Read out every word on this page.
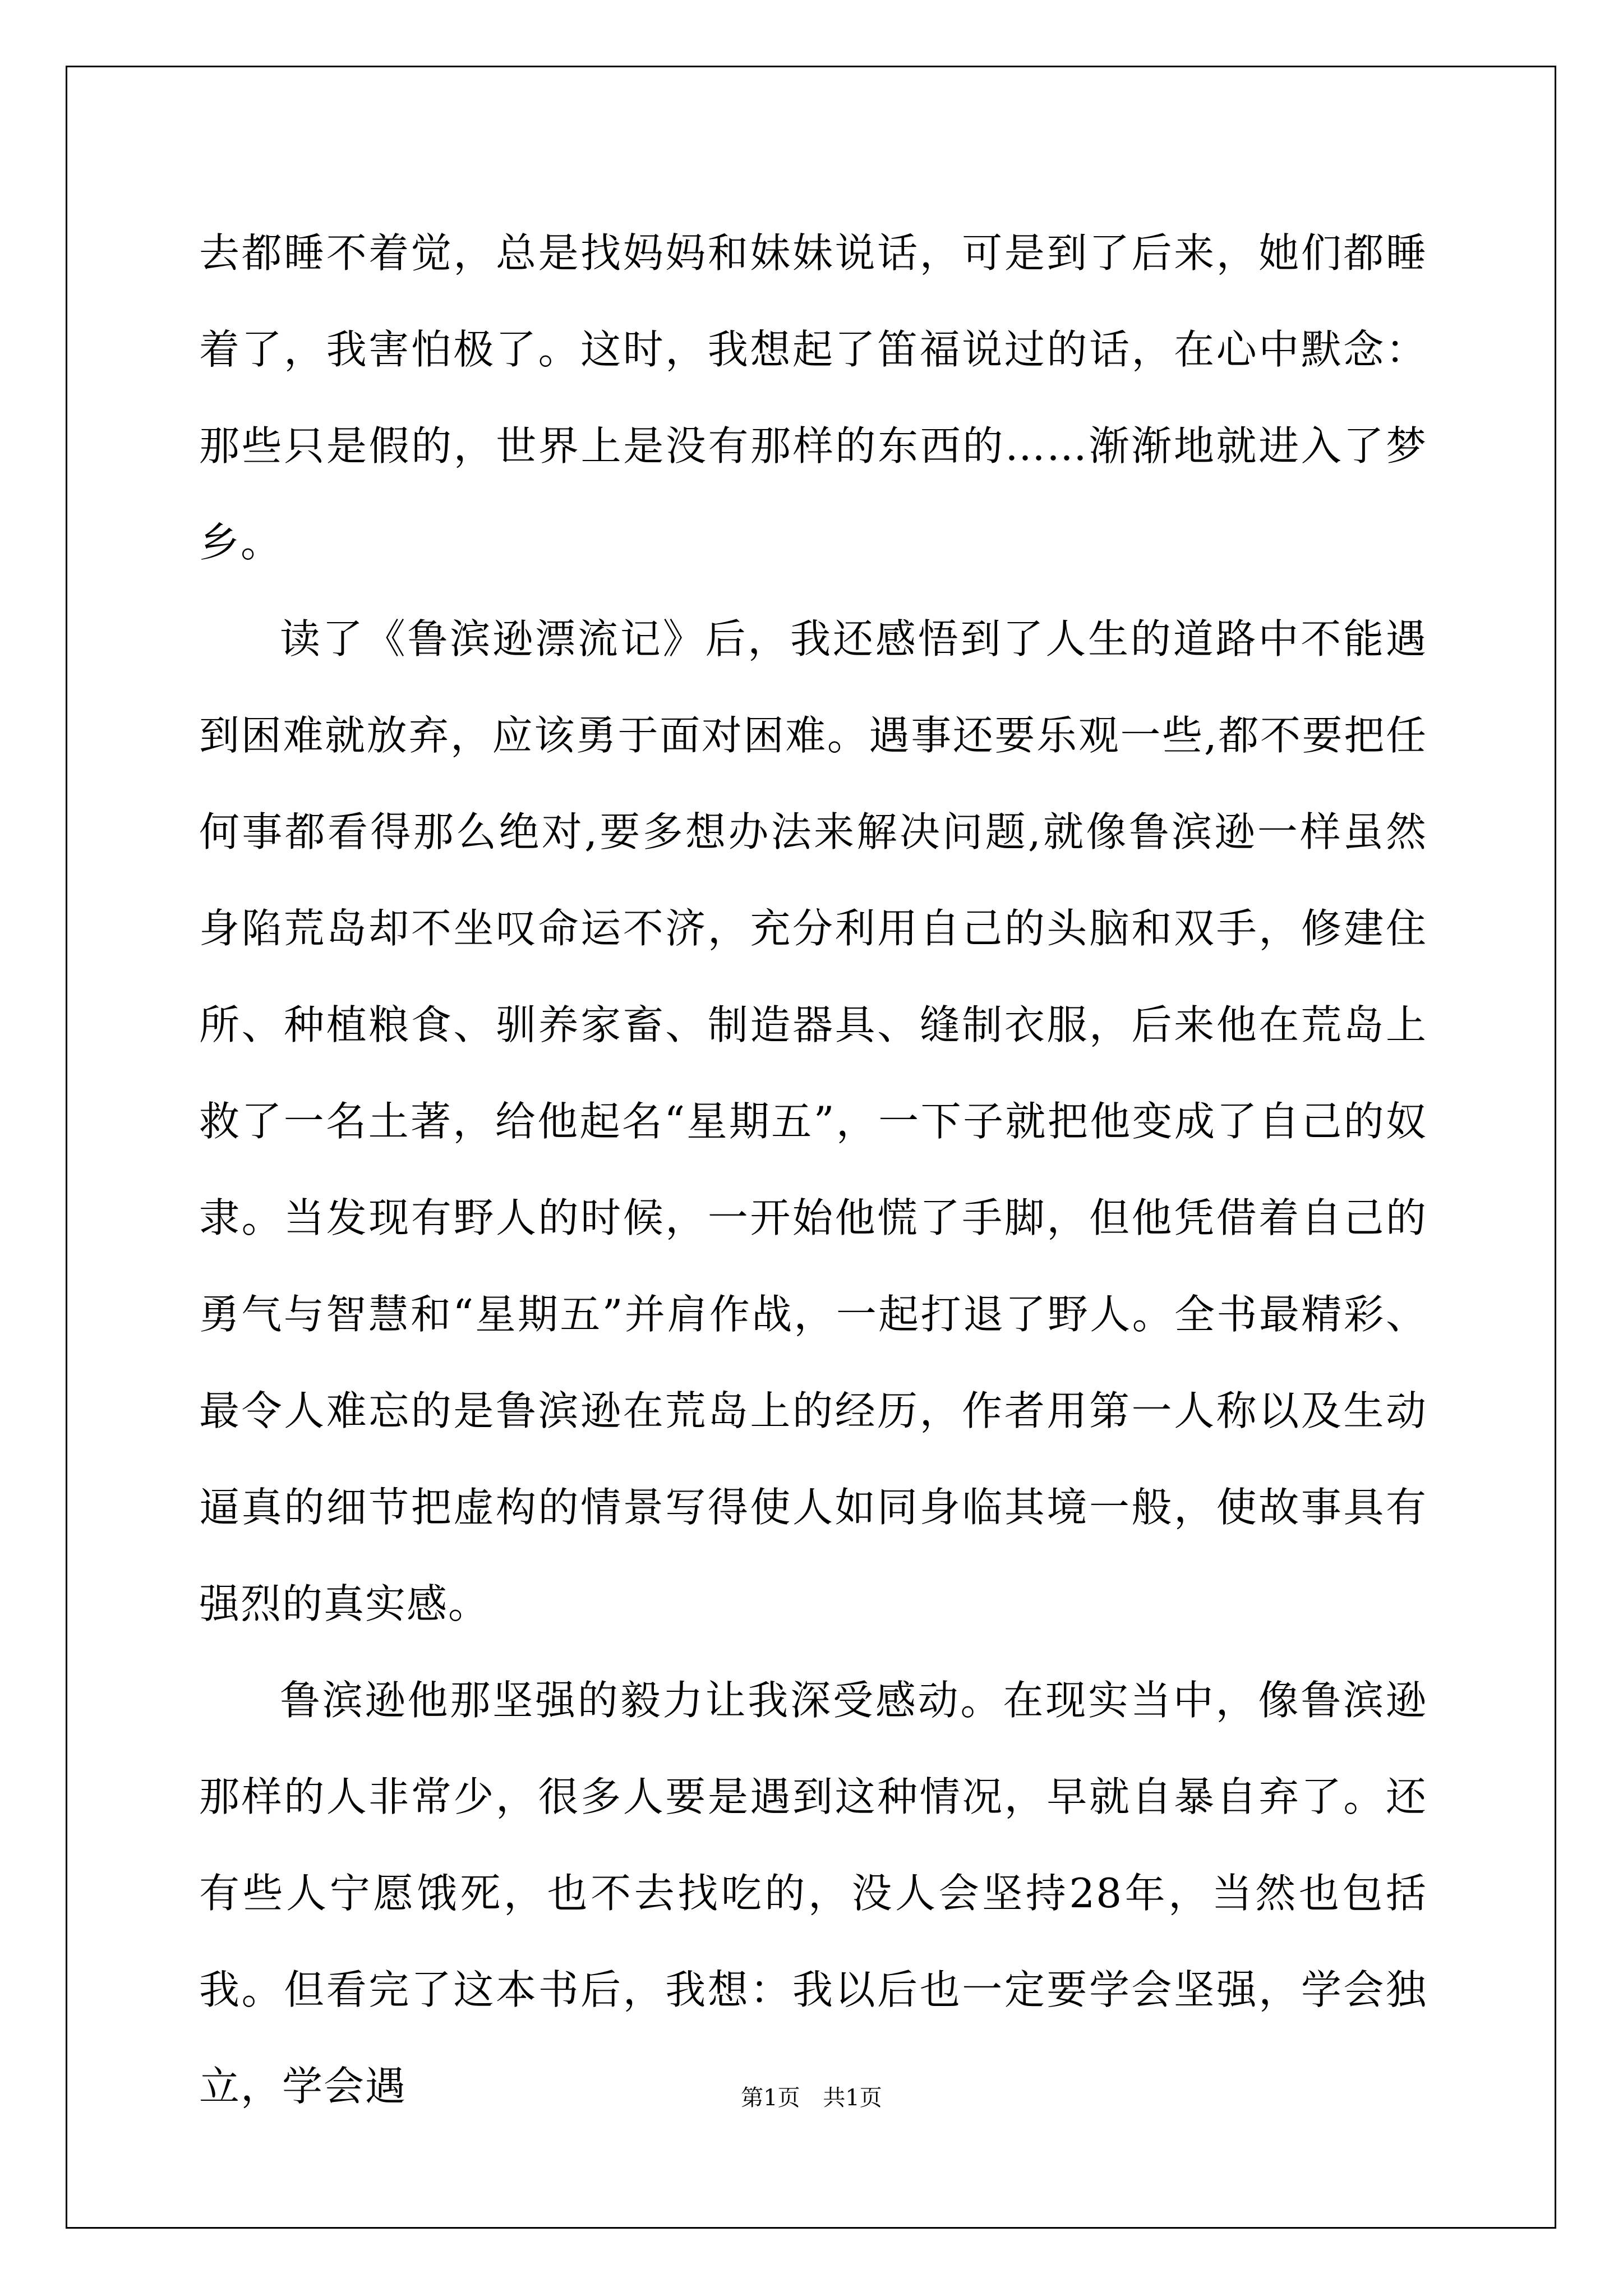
去都睡不着觉，总是找妈妈和妹妹说话，可是到了后来，她们都睡着了，我害怕极了。这时，我想起了笛福说过的话，在心中默念：那些只是假的，世界上是没有那样的东西的……渐渐地就进入了梦乡。

读了《鲁滨逊漂流记》后，我还感悟到了人生的道路中不能遇到困难就放弃，应该勇于面对困难。遇事还要乐观一些,都不要把任何事都看得那么绝对,要多想办法来解决问题,就像鲁滨逊一样虽然身陷荒岛却不坐叹命运不济，充分利用自己的头脑和双手，修建住所、种植粮食、驯养家畜、制造器具、缝制衣服，后来他在荒岛上救了一名土著，给他起名“星期五”，一下子就把他变成了自己的奴隶。当发现有野人的时候，一开始他慌了手脚，但他凭借着自己的勇气与智慧和“星期五”并肩作战，一起打退了野人。全书最精彩、最令人难忘的是鲁滨逊在荒岛上的经历，作者用第一人称以及生动逼真的细节把虚构的情景写得使人如同身临其境一般，使故事具有强烈的真实感。

鲁滨逊他那坚强的毅力让我深受感动。在现实当中，像鲁滨逊那样的人非常少，很多人要是遇到这种情况，早就自暴自弃了。还有些人宁愿饿死，也不去找吃的，没人会坚持28年，当然也包括我。但看完了这本书后，我想：我以后也一定要学会坚强，学会独立，学会遇	第1页 共1页
